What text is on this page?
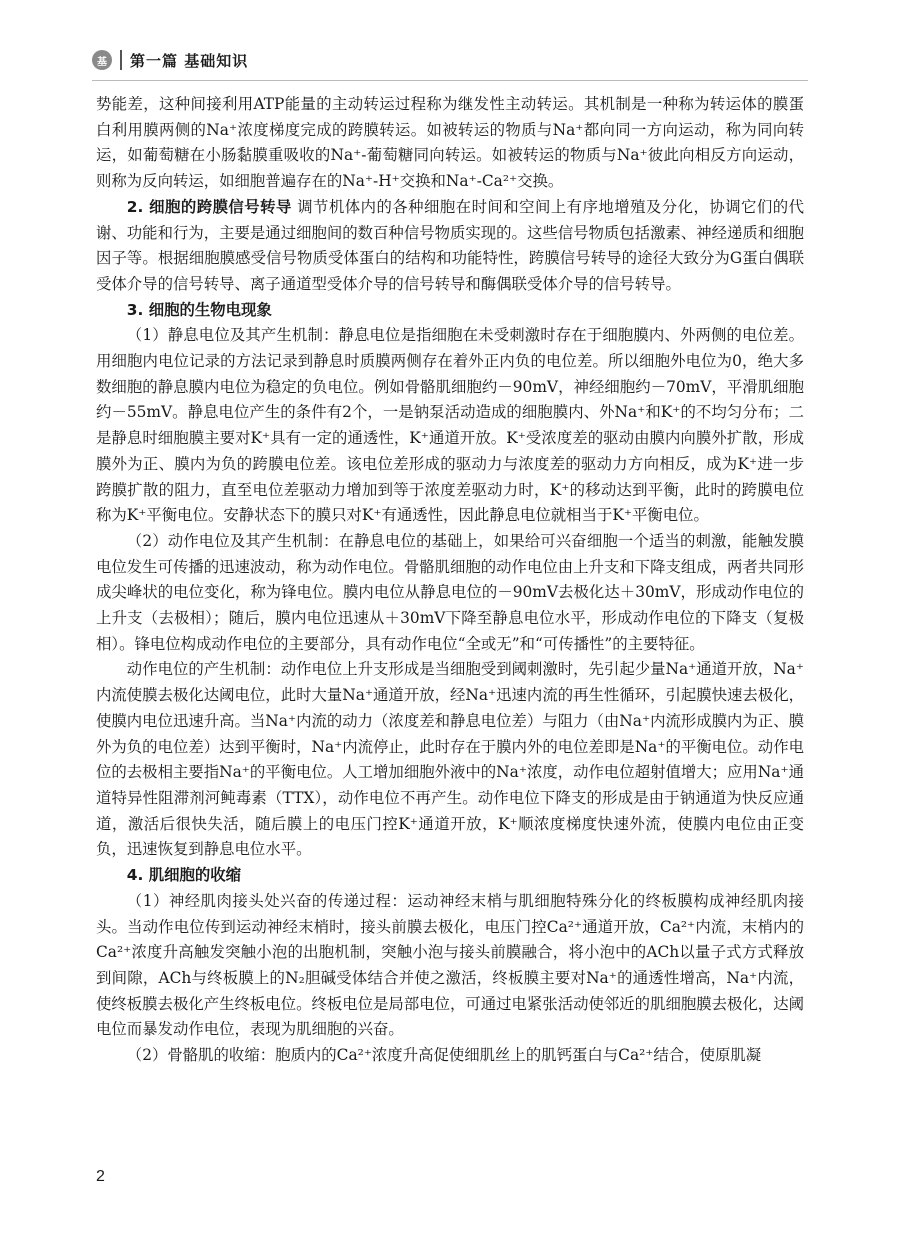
基	第一篇 基础知识

势能差，这种间接利用ATP能量的主动转运过程称为继发性主动转运。其机制是一种称为转运体的膜蛋白利用膜两侧的Na⁺浓度梯度完成的跨膜转运。如被转运的物质与Na⁺都向同一方向运动，称为同向转运，如葡萄糖在小肠黏膜重吸收的Na⁺-葡萄糖同向转运。如被转运的物质与Na⁺彼此向相反方向运动，则称为反向转运，如细胞普遍存在的Na⁺-H⁺交换和Na⁺-Ca²⁺交换。

2. 细胞的跨膜信号转导 调节机体内的各种细胞在时间和空间上有序地增殖及分化，协调它们的代谢、功能和行为，主要是通过细胞间的数百种信号物质实现的。这些信号物质包括激素、神经递质和细胞因子等。根据细胞膜感受信号物质受体蛋白的结构和功能特性，跨膜信号转导的途径大致分为G蛋白偶联受体介导的信号转导、离子通道型受体介导的信号转导和酶偶联受体介导的信号转导。

3. 细胞的生物电现象

（1）静息电位及其产生机制：静息电位是指细胞在未受刺激时存在于细胞膜内、外两侧的电位差。用细胞内电位记录的方法记录到静息时质膜两侧存在着外正内负的电位差。所以细胞外电位为0，绝大多数细胞的静息膜内电位为稳定的负电位。例如骨骼肌细胞约－90mV，神经细胞约－70mV，平滑肌细胞约－55mV。静息电位产生的条件有2个，一是钠泵活动造成的细胞膜内、外Na⁺和K⁺的不均匀分布；二是静息时细胞膜主要对K⁺具有一定的通透性，K⁺通道开放。K⁺受浓度差的驱动由膜内向膜外扩散，形成膜外为正、膜内为负的跨膜电位差。该电位差形成的驱动力与浓度差的驱动力方向相反，成为K⁺进一步跨膜扩散的阻力，直至电位差驱动力增加到等于浓度差驱动力时，K⁺的移动达到平衡，此时的跨膜电位称为K⁺平衡电位。安静状态下的膜只对K⁺有通透性，因此静息电位就相当于K⁺平衡电位。

（2）动作电位及其产生机制：在静息电位的基础上，如果给可兴奋细胞一个适当的刺激，能触发膜电位发生可传播的迅速波动，称为动作电位。骨骼肌细胞的动作电位由上升支和下降支组成，两者共同形成尖峰状的电位变化，称为锋电位。膜内电位从静息电位的－90mV去极化达＋30mV，形成动作电位的上升支（去极相）；随后，膜内电位迅速从＋30mV下降至静息电位水平，形成动作电位的下降支（复极相）。锋电位构成动作电位的主要部分，具有动作电位“全或无”和“可传播性”的主要特征。

动作电位的产生机制：动作电位上升支形成是当细胞受到阈刺激时，先引起少量Na⁺通道开放，Na⁺内流使膜去极化达阈电位，此时大量Na⁺通道开放，经Na⁺迅速内流的再生性循环，引起膜快速去极化，使膜内电位迅速升高。当Na⁺内流的动力（浓度差和静息电位差）与阻力（由Na⁺内流形成膜内为正、膜外为负的电位差）达到平衡时，Na⁺内流停止，此时存在于膜内外的电位差即是Na⁺的平衡电位。动作电位的去极相主要指Na⁺的平衡电位。人工增加细胞外液中的Na⁺浓度，动作电位超射值增大；应用Na⁺通道特异性阻滞剂河鲀毒素（TTX），动作电位不再产生。动作电位下降支的形成是由于钠通道为快反应通道，激活后很快失活，随后膜上的电压门控K⁺通道开放，K⁺顺浓度梯度快速外流，使膜内电位由正变负，迅速恢复到静息电位水平。

4. 肌细胞的收缩

（1）神经肌肉接头处兴奋的传递过程：运动神经末梢与肌细胞特殊分化的终板膜构成神经肌肉接头。当动作电位传到运动神经末梢时，接头前膜去极化，电压门控Ca²⁺通道开放，Ca²⁺内流，末梢内的Ca²⁺浓度升高触发突触小泡的出胞机制，突触小泡与接头前膜融合，将小泡中的ACh以量子式方式释放到间隙，ACh与终板膜上的N₂胆碱受体结合并使之激活，终板膜主要对Na⁺的通透性增高，Na⁺内流，使终板膜去极化产生终板电位。终板电位是局部电位，可通过电紧张活动使邻近的肌细胞膜去极化，达阈电位而暴发动作电位，表现为肌细胞的兴奋。

（2）骨骼肌的收缩：胞质内的Ca²⁺浓度升高促使细肌丝上的肌钙蛋白与Ca²⁺结合，使原肌凝

2
